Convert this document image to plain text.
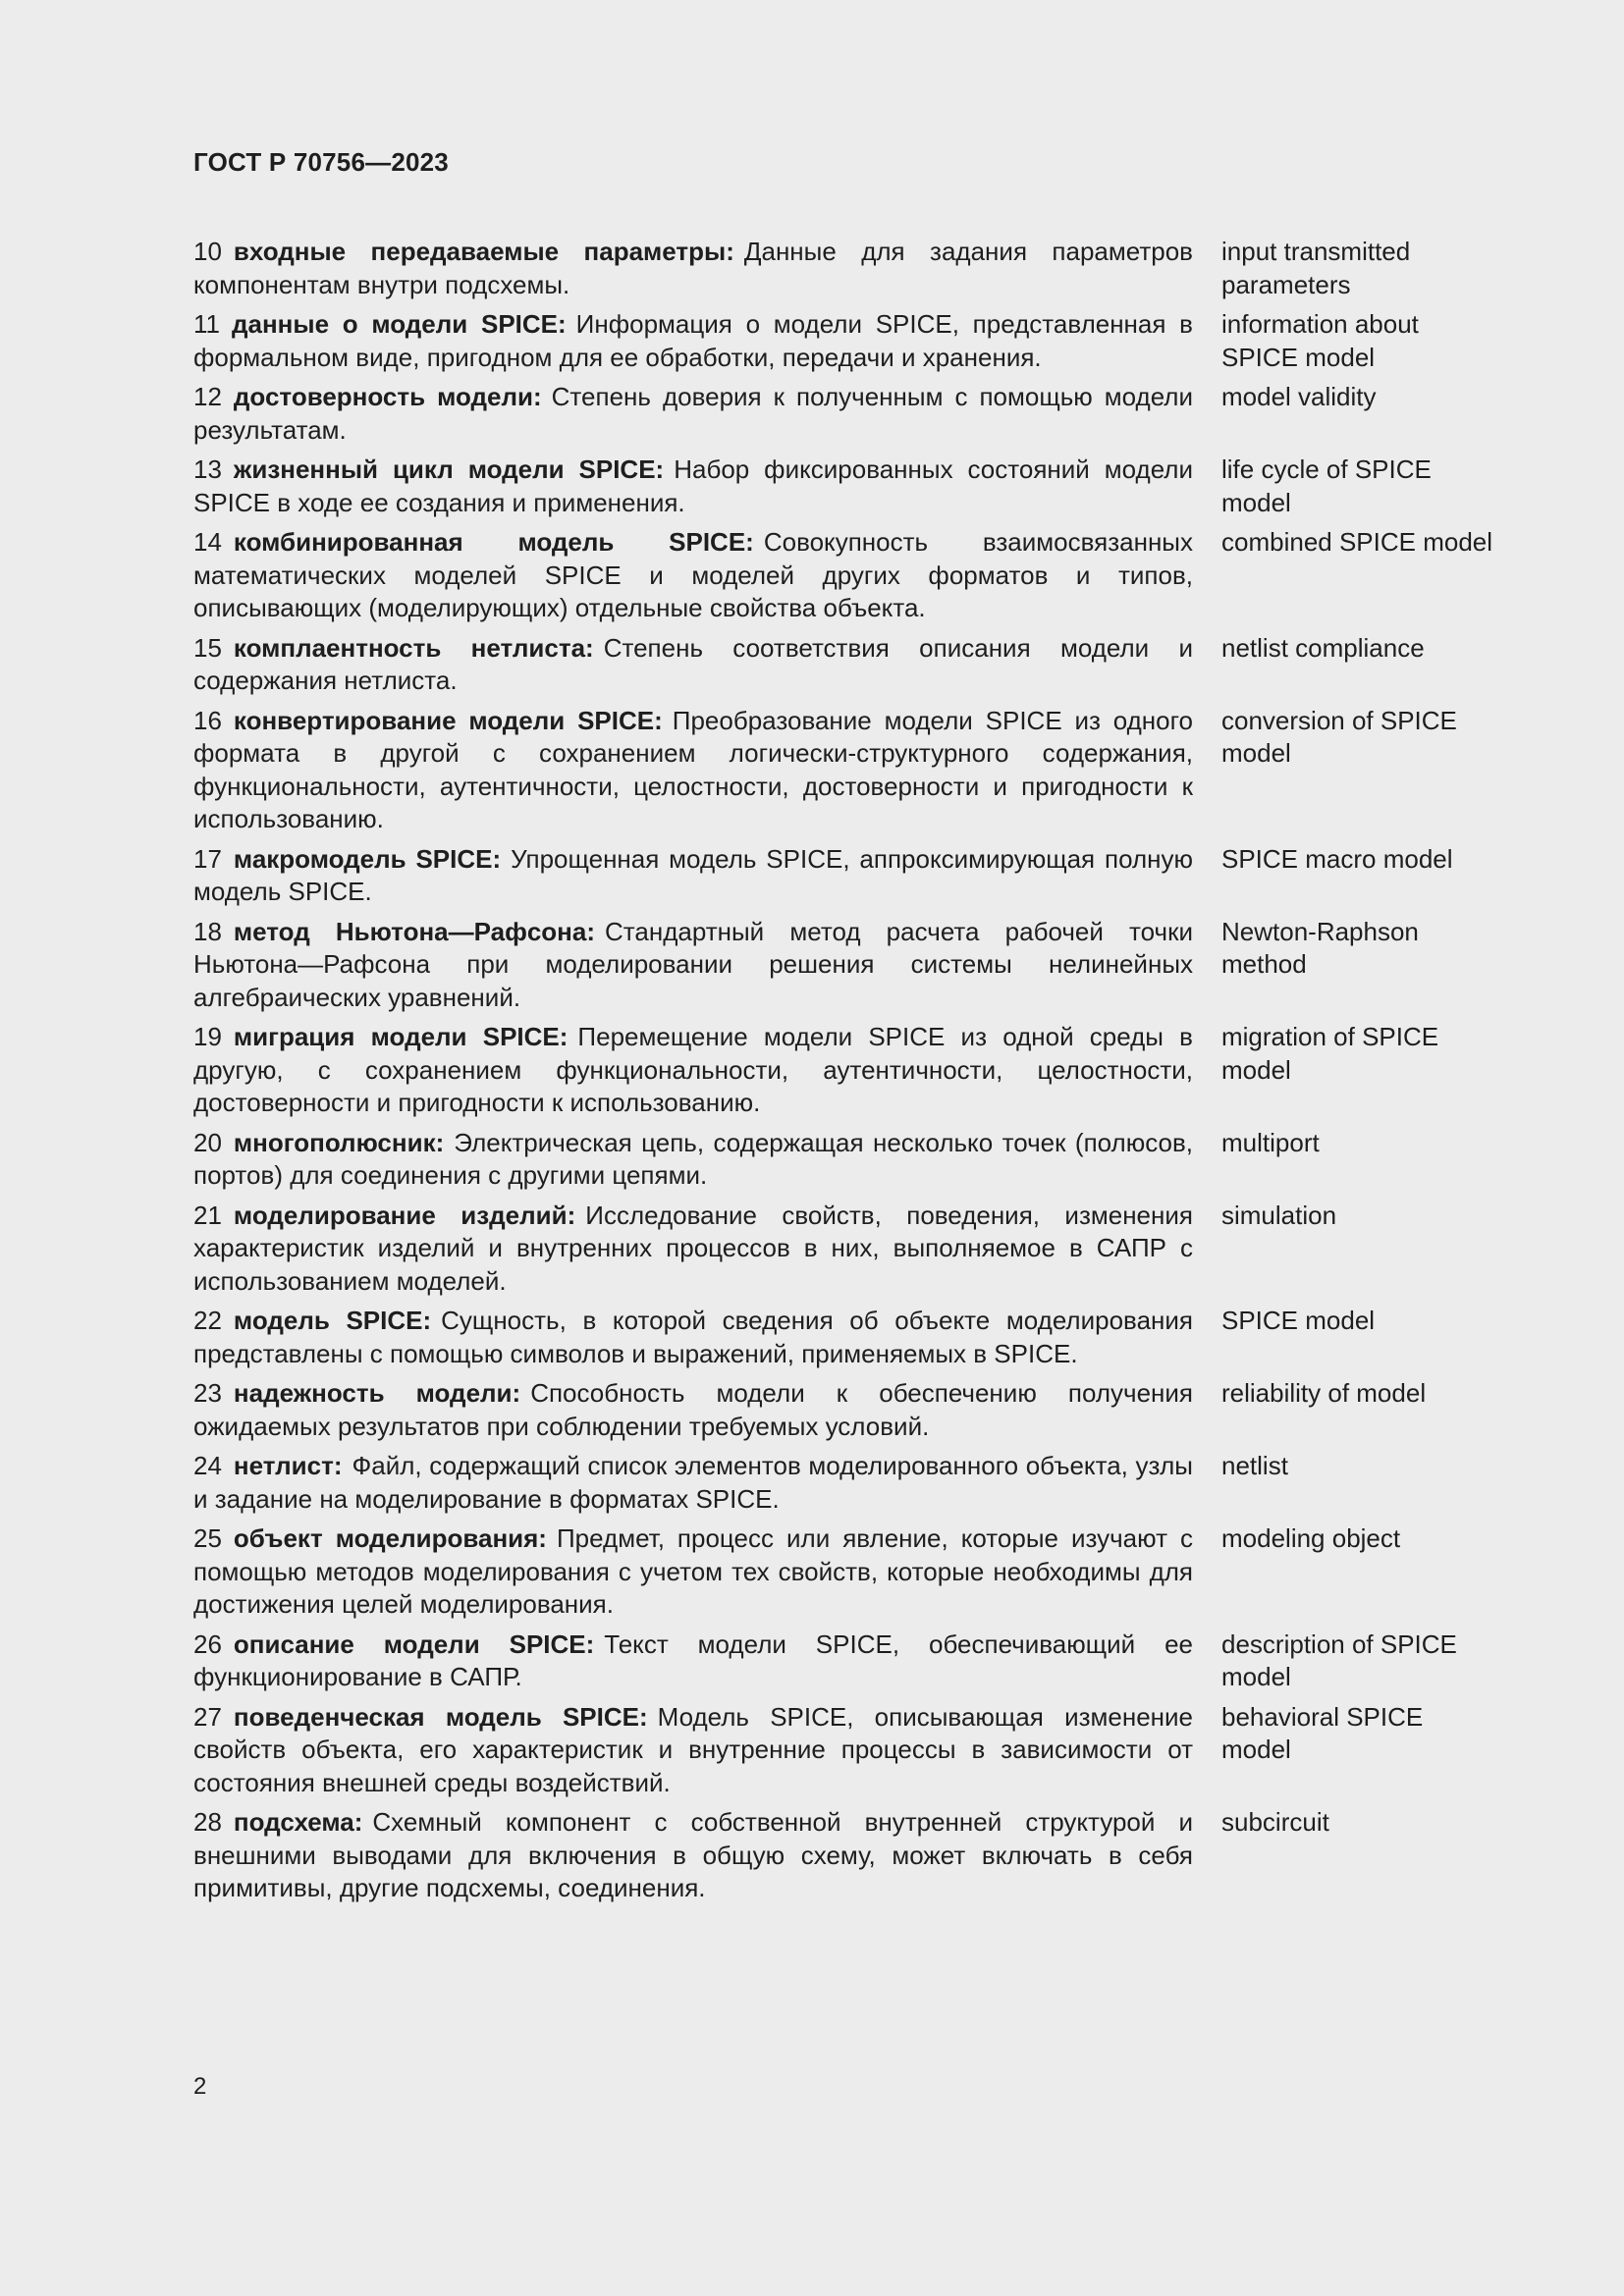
ГОСТ Р 70756—2023
10 входные передаваемые параметры: Данные для задания параметров компонентам внутри подсхемы.
input transmitted parameters
11 данные о модели SPICE: Информация о модели SPICE, представленная в формальном виде, пригодном для ее обработки, передачи и хранения.
information about SPICE model
12 достоверность модели: Степень доверия к полученным с помощью модели результатам.
model validity
13 жизненный цикл модели SPICE: Набор фиксированных состояний модели SPICE в ходе ее создания и применения.
life cycle of SPICE model
14 комбинированная модель SPICE: Совокупность взаимосвязанных математических моделей SPICE и моделей других форматов и типов, описывающих (моделирующих) отдельные свойства объекта.
combined SPICE model
15 комплаентность нетлиста: Степень соответствия описания модели и содержания нетлиста.
netlist compliance
16 конвертирование модели SPICE: Преобразование модели SPICE из одного формата в другой с сохранением логически-структурного содержания, функциональности, аутентичности, целостности, достоверности и пригодности к использованию.
conversion of SPICE model
17 макромодель SPICE: Упрощенная модель SPICE, аппроксимирующая полную модель SPICE.
SPICE macro model
18 метод Ньютона—Рафсона: Стандартный метод расчета рабочей точки Ньютона—Рафсона при моделировании решения системы нелинейных алгебраических уравнений.
Newton-Raphson method
19 миграция модели SPICE: Перемещение модели SPICE из одной среды в другую, с сохранением функциональности, аутентичности, целостности, достоверности и пригодности к использованию.
migration of SPICE model
20 многополюсник: Электрическая цепь, содержащая несколько точек (полюсов, портов) для соединения с другими цепями.
multiport
21 моделирование изделий: Исследование свойств, поведения, изменения характеристик изделий и внутренних процессов в них, выполняемое в САПР с использованием моделей.
simulation
22 модель SPICE: Сущность, в которой сведения об объекте моделирования представлены с помощью символов и выражений, применяемых в SPICE.
SPICE model
23 надежность модели: Способность модели к обеспечению получения ожидаемых результатов при соблюдении требуемых условий.
reliability of model
24 нетлист: Файл, содержащий список элементов моделированного объекта, узлы и задание на моделирование в форматах SPICE.
netlist
25 объект моделирования: Предмет, процесс или явление, которые изучают с помощью методов моделирования с учетом тех свойств, которые необходимы для достижения целей моделирования.
modeling object
26 описание модели SPICE: Текст модели SPICE, обеспечивающий ее функционирование в САПР.
description of SPICE model
27 поведенческая модель SPICE: Модель SPICE, описывающая изменение свойств объекта, его характеристик и внутренние процессы в зависимости от состояния внешней среды воздействий.
behavioral SPICE model
28 подсхема: Схемный компонент с собственной внутренней структурой и внешними выводами для включения в общую схему, может включать в себя примитивы, другие подсхемы, соединения.
subcircuit
2
